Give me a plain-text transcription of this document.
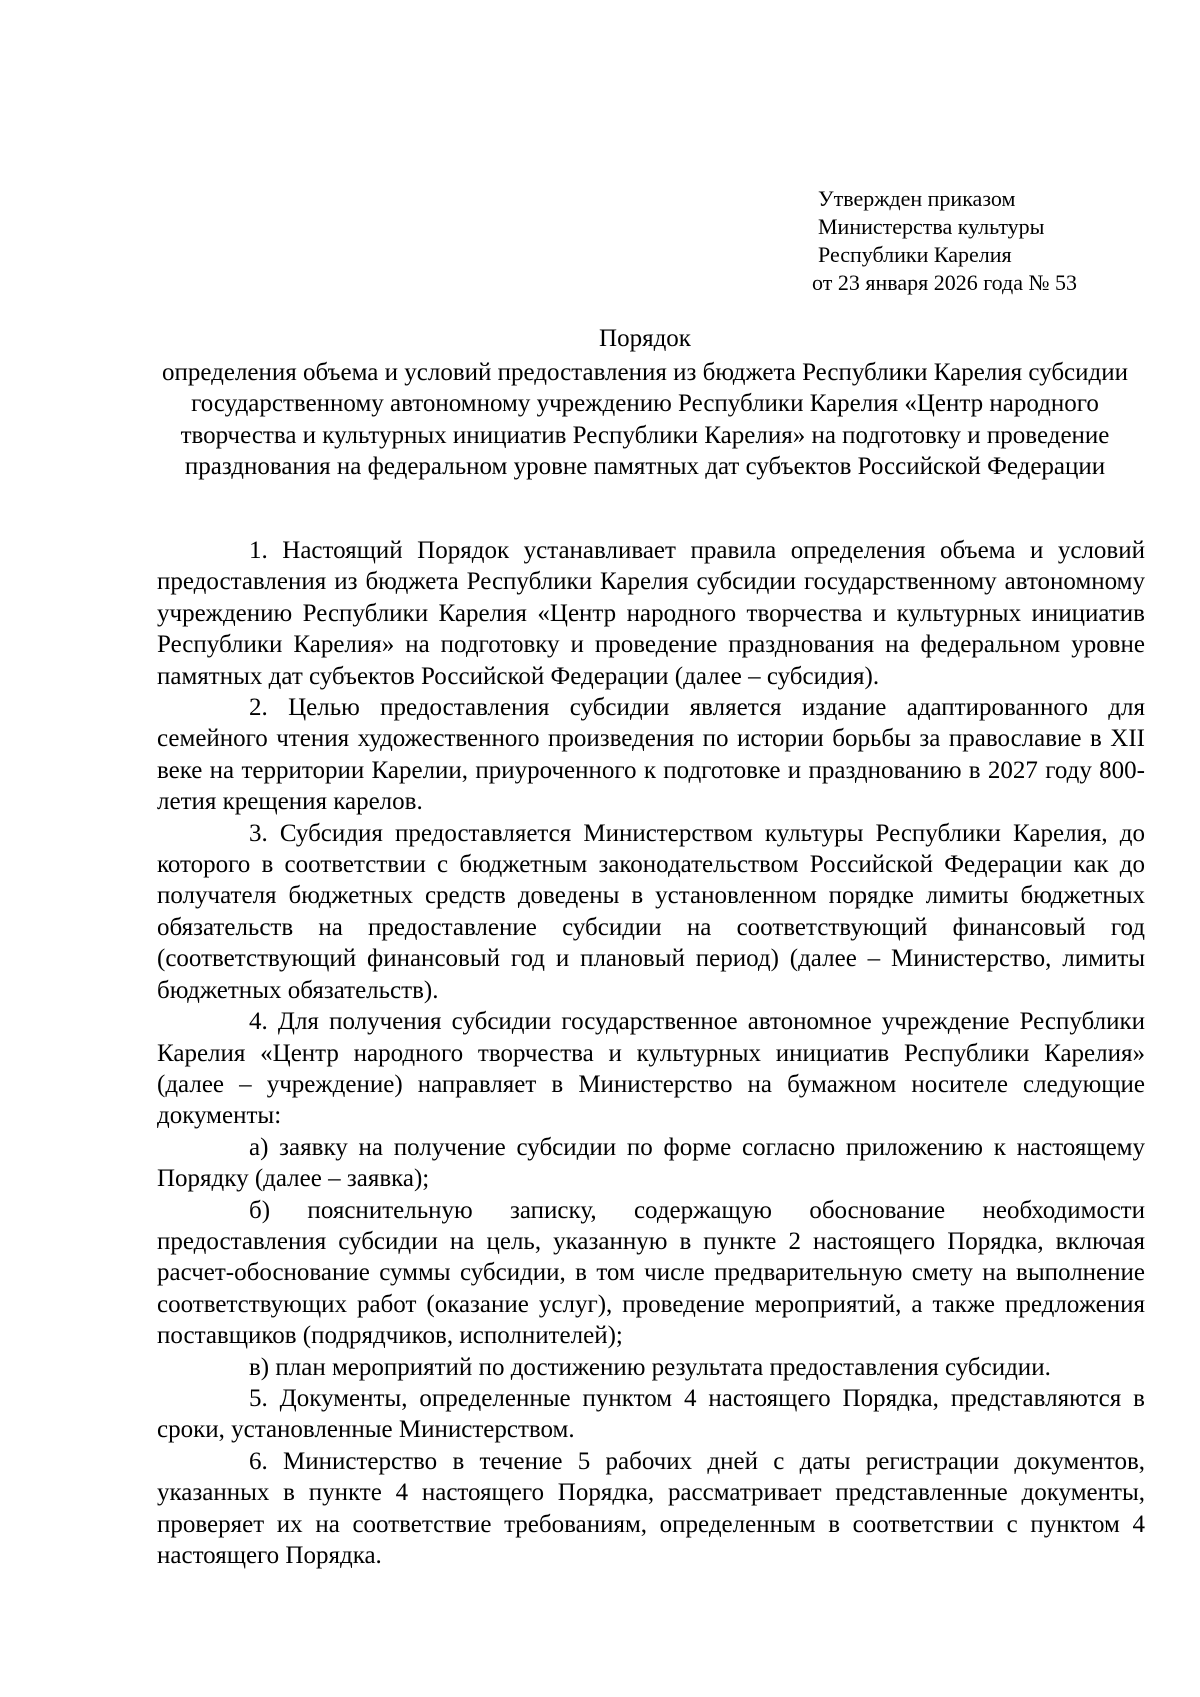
Утвержден приказом
Министерства культуры
Республики Карелия
от 23 января 2026 года № 53
Порядок
определения объема и условий предоставления из бюджета Республики Карелия субсидии государственному автономному учреждению Республики Карелия «Центр народного творчества и культурных инициатив Республики Карелия» на подготовку и проведение празднования на федеральном уровне памятных дат субъектов Российской Федерации

1. Настоящий Порядок устанавливает правила определения объема и условий предоставления из бюджета Республики Карелия субсидии государственному автономному учреждению Республики Карелия «Центр народного творчества и культурных инициатив Республики Карелия» на подготовку и проведение празднования на федеральном уровне памятных дат субъектов Российской Федерации (далее – субсидия).

2. Целью предоставления субсидии является издание адаптированного для семейного чтения художественного произведения по истории борьбы за православие в XII веке на территории Карелии, приуроченного к подготовке и празднованию в 2027 году 800-летия крещения карелов.

3. Субсидия предоставляется Министерством культуры Республики Карелия, до которого в соответствии с бюджетным законодательством Российской Федерации как до получателя бюджетных средств доведены в установленном порядке лимиты бюджетных обязательств на предоставление субсидии на соответствующий финансовый год (соответствующий финансовый год и плановый период) (далее – Министерство, лимиты бюджетных обязательств).

4. Для получения субсидии государственное автономное учреждение Республики Карелия «Центр народного творчества и культурных инициатив Республики Карелия» (далее – учреждение) направляет в Министерство на бумажном носителе следующие документы:

а) заявку на получение субсидии по форме согласно приложению к настоящему Порядку (далее – заявка);

б) пояснительную записку, содержащую обоснование необходимости предоставления субсидии на цель, указанную в пункте 2 настоящего Порядка, включая расчет-обоснование суммы субсидии, в том числе предварительную смету на выполнение соответствующих работ (оказание услуг), проведение мероприятий, а также предложения поставщиков (подрядчиков, исполнителей);

в) план мероприятий по достижению результата предоставления субсидии.

5. Документы, определенные пунктом 4 настоящего Порядка, представляются в сроки, установленные Министерством.

6. Министерство в течение 5 рабочих дней с даты регистрации документов, указанных в пункте 4 настоящего Порядка, рассматривает представленные документы, проверяет их на соответствие требованиям, определенным в соответствии с пунктом 4 настоящего Порядка.
